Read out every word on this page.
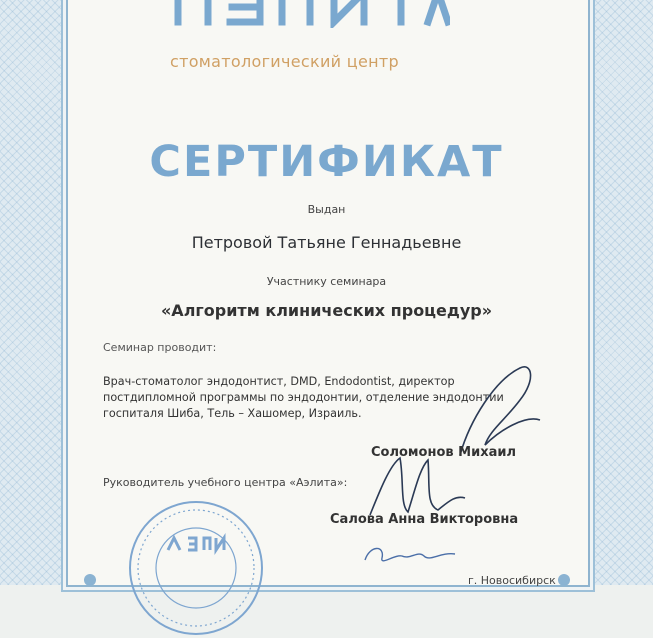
стоматологический центр
СЕРТИФИКАТ
Выдан
Петровой Татьяне Геннадьевне
Участнику семинара
«Алгоритм клинических процедур»
Семинар проводит:
Врач-стоматолог эндодонтист, DMD, Endodontist, директор
постдипломной программы по эндодонтии, отделение эндодонтии
госпиталя Шиба, Тель – Хашомер, Израиль.
Соломонов Михаил
Руководитель учебного центра «Аэлита»:
Салова Анна Викторовна
г. Новосибирск
